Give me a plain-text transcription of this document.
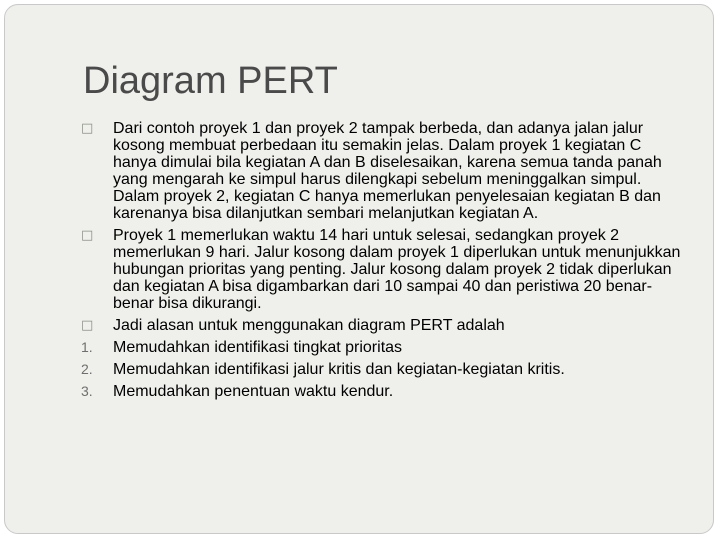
Diagram PERT
□	Dari contoh proyek 1 dan proyek 2 tampak berbeda, dan adanya jalan jalur kosong membuat perbedaan itu semakin jelas. Dalam proyek 1 kegiatan C hanya dimulai bila kegiatan A dan B diselesaikan, karena semua tanda panah yang mengarah ke simpul harus dilengkapi sebelum meninggalkan simpul. Dalam proyek 2, kegiatan C hanya memerlukan penyelesaian kegiatan B dan karenanya bisa dilanjutkan sembari melanjutkan kegiatan A.
□	Proyek 1 memerlukan waktu 14 hari untuk selesai, sedangkan proyek 2 memerlukan 9 hari. Jalur kosong dalam proyek 1 diperlukan untuk menunjukkan hubungan prioritas yang penting. Jalur kosong dalam proyek 2 tidak diperlukan dan kegiatan A bisa digambarkan dari 10 sampai 40 dan peristiwa 20 benar-benar bisa dikurangi.
□	Jadi alasan untuk menggunakan diagram PERT adalah
1.	Memudahkan identifikasi tingkat prioritas
2.	Memudahkan identifikasi jalur kritis dan kegiatan-kegiatan kritis.
3.	Memudahkan penentuan waktu kendur.
